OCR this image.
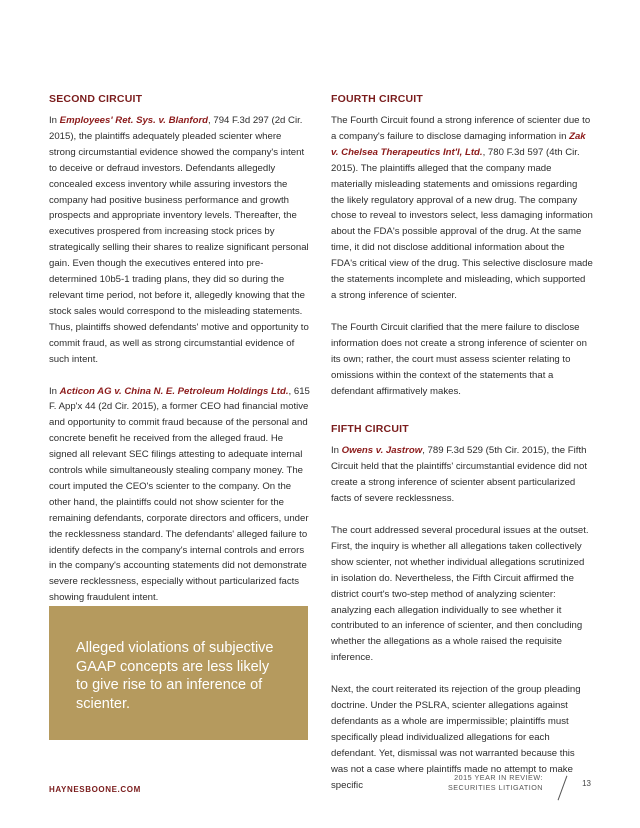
SECOND CIRCUIT

In Employees' Ret. Sys. v. Blanford, 794 F.3d 297 (2d Cir. 2015), the plaintiffs adequately pleaded scienter where strong circumstantial evidence showed the company's intent to deceive or defraud investors. Defendants allegedly concealed excess inventory while assuring investors the company had positive business performance and growth prospects and appropriate inventory levels. Thereafter, the executives prospered from increasing stock prices by strategically selling their shares to realize significant personal gain. Even though the executives entered into pre-determined 10b5-1 trading plans, they did so during the relevant time period, not before it, allegedly knowing that the stock sales would correspond to the misleading statements. Thus, plaintiffs showed defendants' motive and opportunity to commit fraud, as well as strong circumstantial evidence of such intent.

In Acticon AG v. China N. E. Petroleum Holdings Ltd., 615 F. App'x 44 (2d Cir. 2015), a former CEO had financial motive and opportunity to commit fraud because of the personal and concrete benefit he received from the alleged fraud. He signed all relevant SEC filings attesting to adequate internal controls while simultaneously stealing company money. The court imputed the CEO's scienter to the company. On the other hand, the plaintiffs could not show scienter for the remaining defendants, corporate directors and officers, under the recklessness standard. The defendants' alleged failure to identify defects in the company's internal controls and errors in the company's accounting statements did not demonstrate severe recklessness, especially without particularized facts showing fraudulent intent.

Alleged violations of subjective GAAP concepts are less likely to give rise to an inference of scienter.
FOURTH CIRCUIT

The Fourth Circuit found a strong inference of scienter due to a company's failure to disclose damaging information in Zak v. Chelsea Therapeutics Int'l, Ltd., 780 F.3d 597 (4th Cir. 2015). The plaintiffs alleged that the company made materially misleading statements and omissions regarding the likely regulatory approval of a new drug. The company chose to reveal to investors select, less damaging information about the FDA's possible approval of the drug. At the same time, it did not disclose additional information about the FDA's critical view of the drug. This selective disclosure made the statements incomplete and misleading, which supported a strong inference of scienter.

The Fourth Circuit clarified that the mere failure to disclose information does not create a strong inference of scienter on its own; rather, the court must assess scienter relating to omissions within the context of the statements that a defendant affirmatively makes.

FIFTH CIRCUIT

In Owens v. Jastrow, 789 F.3d 529 (5th Cir. 2015), the Fifth Circuit held that the plaintiffs' circumstantial evidence did not create a strong inference of scienter absent particularized facts of severe recklessness.

The court addressed several procedural issues at the outset. First, the inquiry is whether all allegations taken collectively show scienter, not whether individual allegations scrutinized in isolation do. Nevertheless, the Fifth Circuit affirmed the district court's two-step method of analyzing scienter: analyzing each allegation individually to see whether it contributed to an inference of scienter, and then concluding whether the allegations as a whole raised the requisite inference.

Next, the court reiterated its rejection of the group pleading doctrine. Under the PSLRA, scienter allegations against defendants as a whole are impermissible; plaintiffs must specifically plead individualized allegations for each defendant. Yet, dismissal was not warranted because this was not a case where plaintiffs made no attempt to make specific

HAYNESBOONE.COM
2015 YEAR IN REVIEW:
SECURITIES LITIGATION	13
